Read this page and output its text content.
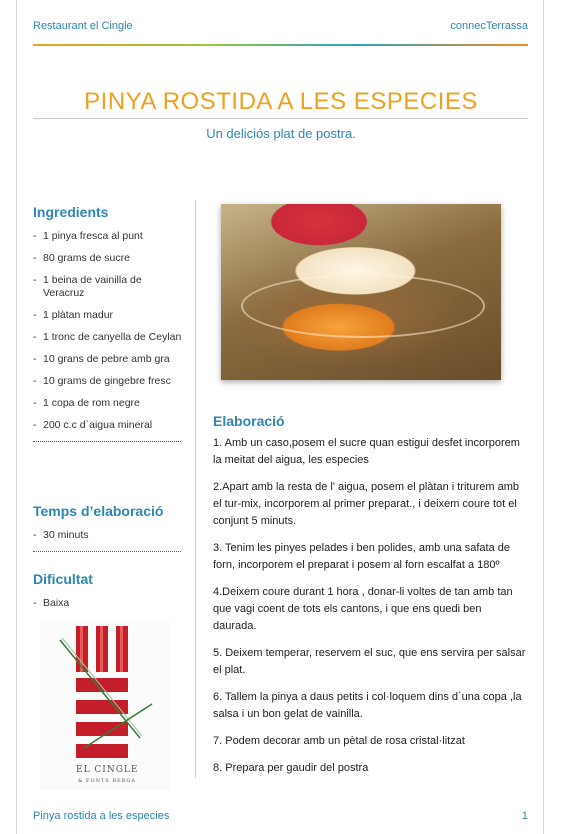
Restaurant el Cingle	connecTerrassa
PINYA ROSTIDA A LES ESPECIES
Un deliciós plat de postra.
Ingredients
- 1 pinya fresca al punt
- 80 grams de sucre
- 1 beina de vainilla de Veracruz
- 1 plàtan madur
- 1 tronc de canyella de Ceylan
- 10 grans de pebre amb gra
- 10 grams de gingebre fresc
- 1 copa de rom negre
- 200 c.c d`aigua mineral
Temps d’elaboració
- 30 minuts
Dificultat
- Baixa
EL CINGLE
& FONTS BERGA
Elaboració

1. Amb un caso,posem el sucre quan estigui desfet incorporem la meitat del aigua, les especies

2.Apart amb la resta de l' aigua, posem el plàtan i triturem amb el tur-mix, incorporem al primer preparat., i deixem coure tot el conjunt 5 minuts.

3. Tenim les pinyes pelades i ben polides, amb una safata de forn, incorporem el preparat i posem al forn escalfat a 180º

4.Deixem coure durant 1 hora , donar-li voltes de tan amb tan que vagi coent de tots els cantons, i que ens quedi ben daurada.

5. Deixem temperar, reservem el suc, que ens servira per salsar el plat.

6. Tallem la pinya a daus petits i col·loquem dins d´una copa ,la salsa i un bon gelat de vainilla.

7. Podem decorar amb un pètal de rosa cristal·litzat

8. Prepara per gaudir del postra

Pinya rostida a les especies	1
